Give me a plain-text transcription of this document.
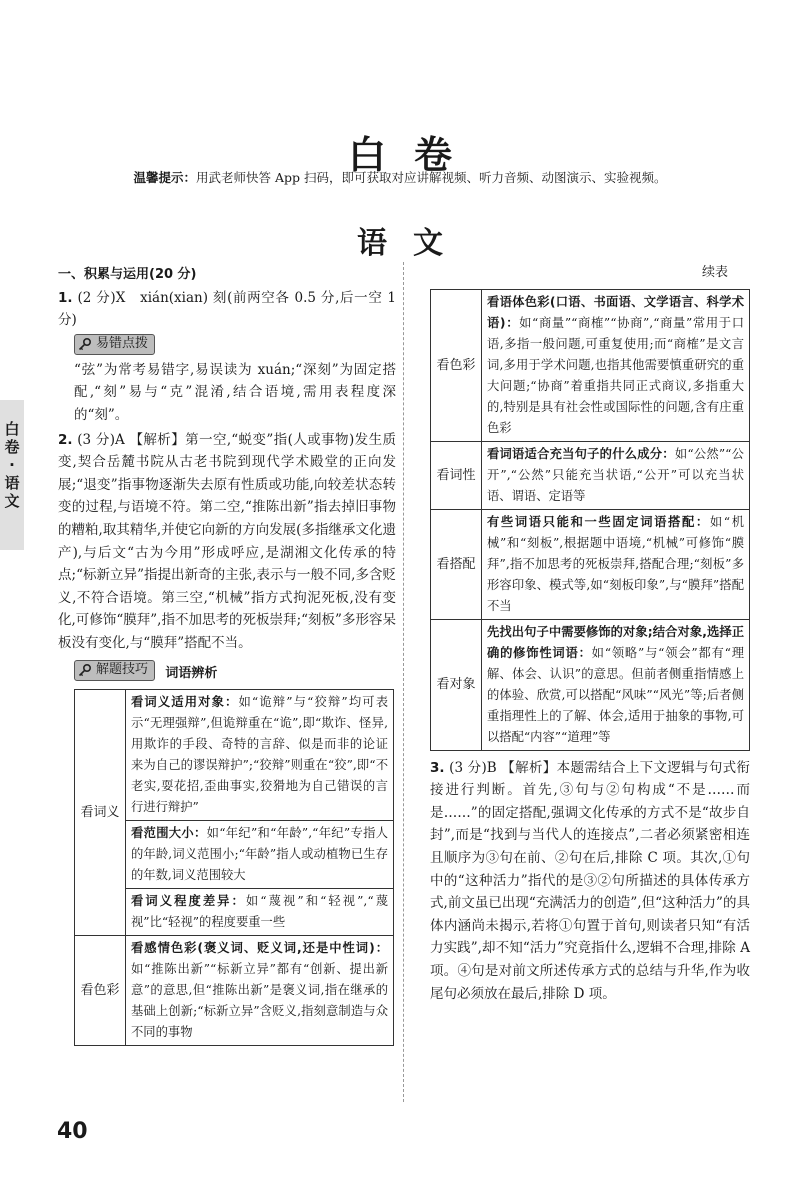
白卷
温馨提示：用武老师快答 App 扫码，即可获取对应讲解视频、听力音频、动图演示、实验视频。
语文
白卷
·
语文
一、积累与运用(20 分)

1. (2 分)X　xián(xian) 刻(前两空各 0.5 分,后一空 1 分)

易错点拨

“弦”为常考易错字,易误读为 xuán;“深刻”为固定搭配,“刻”易与“克”混淆,结合语境,需用表程度深的“刻”。

2. (3 分)A 【解析】第一空,“蜕变”指(人或事物)发生质变,契合岳麓书院从古老书院到现代学术殿堂的正向发展;“退变”指事物逐渐失去原有性质或功能,向较差状态转变的过程,与语境不符。第二空,“推陈出新”指去掉旧事物的糟粕,取其精华,并使它向新的方向发展(多指继承文化遗产),与后文“古为今用”形成呼应,是湖湘文化传承的特点;“标新立异”指提出新奇的主张,表示与一般不同,多含贬义,不符合语境。第三空,“机械”指方式拘泥死板,没有变化,可修饰“膜拜”,指不加思考的死板崇拜;“刻板”多形容呆板没有变化,与“膜拜”搭配不当。

解题技巧 词语辨析
看词义	看词义适用对象：如“诡辩”与“狡辩”均可表示“无理强辩”,但诡辩重在“诡”,即“欺诈、怪异,用欺诈的手段、奇特的言辞、似是而非的论证来为自己的谬误辩护”;“狡辩”则重在“狡”,即“不老实,耍花招,歪曲事实,狡猾地为自己错误的言行进行辩护”
	看范围大小：如“年纪”和“年龄”,“年纪”专指人的年龄,词义范围小;“年龄”指人或动植物已生存的年数,词义范围较大
	看词义程度差异：如“蔑视”和“轻视”,“蔑视”比“轻视”的程度要重一些
看色彩	看感情色彩(褒义词、贬义词,还是中性词)：如“推陈出新”“标新立异”都有“创新、提出新意”的意思,但“推陈出新”是褒义词,指在继承的基础上创新;“标新立异”含贬义,指刻意制造与众不同的事物
续表
看色彩	看语体色彩(口语、书面语、文学语言、科学术语)：如“商量”“商榷”“协商”,“商量”常用于口语,多指一般问题,可重复使用;而“商榷”是文言词,多用于学术问题,也指其他需要慎重研究的重大问题;“协商”着重指共同正式商议,多指重大的,特别是具有社会性或国际性的问题,含有庄重色彩
看词性	看词语适合充当句子的什么成分：如“公然”“公开”,“公然”只能充当状语,“公开”可以充当状语、谓语、定语等
看搭配	有些词语只能和一些固定词语搭配：如“机械”和“刻板”,根据题中语境,“机械”可修饰“膜拜”,指不加思考的死板崇拜,搭配合理;“刻板”多形容印象、模式等,如“刻板印象”,与“膜拜”搭配不当
看对象	先找出句子中需要修饰的对象;结合对象,选择正确的修饰性词语：如“领略”与“领会”都有“理解、体会、认识”的意思。但前者侧重指情感上的体验、欣赏,可以搭配“风味”“风光”等;后者侧重指理性上的了解、体会,适用于抽象的事物,可以搭配“内容”“道理”等

3. (3 分)B 【解析】本题需结合上下文逻辑与句式衔接进行判断。首先,③句与②句构成“不是……而是……”的固定搭配,强调文化传承的方式不是“故步自封”,而是“找到与当代人的连接点”,二者必须紧密相连且顺序为③句在前、②句在后,排除 C 项。其次,①句中的“这种活力”指代的是③②句所描述的具体传承方式,前文虽已出现“充满活力的创造”,但“这种活力”的具体内涵尚未揭示,若将①句置于首句,则读者只知“有活力实践”,却不知“活力”究竟指什么,逻辑不合理,排除 A 项。④句是对前文所述传承方式的总结与升华,作为收尾句必须放在最后,排除 D 项。

40
